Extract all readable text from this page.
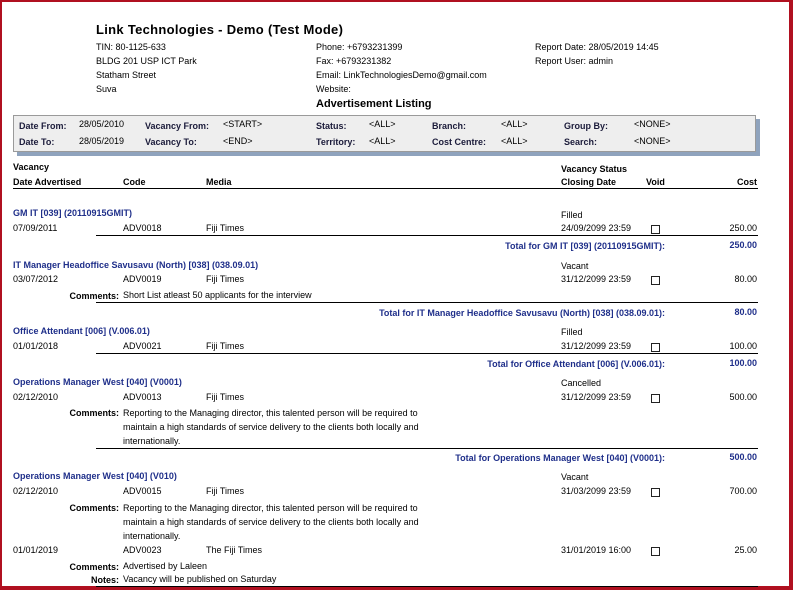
Link Technologies - Demo (Test Mode)
TIN: 80-1125-633
BLDG 201 USP ICT Park
Statham Street
Suva
Phone: +6793231399
Fax: +6793231382
Email: LinkTechnologiesDemo@gmail.com
Website:
Report Date: 28/05/2019 14:45
Report User: admin
Advertisement Listing
Date From: 28/05/2010
Date To:	28/05/2019
Vacancy From: <START>
Vacancy To:	<END>
Status: <ALL>
Territory: <ALL>
Branch:	<ALL>
Cost Centre: <ALL>
Group By:	<NONE>
Search:	<NONE>
Vacancy
Date Advertised	Code	Media
Vacancy Status
Closing Date	Void	Cost
GM IT [039] (20110915GMIT)	Filled
07/09/2011	ADV0018	Fiji Times	24/09/2099 23:59	250.00
Total for GM IT [039] (20110915GMIT):	250.00
IT Manager Headoffice Savusavu (North) [038] (038.09.01)	Vacant
03/07/2012	ADV0019	Fiji Times	31/12/2099 23:59	80.00
Comments: Short List atleast 50 applicants for the interview
Total for IT Manager Headoffice Savusavu (North) [038] (038.09.01):	80.00
Office Attendant [006] (V.006.01)	Filled
01/01/2018	ADV0021	Fiji Times	31/12/2099 23:59	100.00
Total for Office Attendant [006] (V.006.01):	100.00
Operations Manager West [040] (V0001)	Cancelled
02/12/2010	ADV0013	Fiji Times	31/12/2099 23:59	500.00
Comments: Reporting to the Managing director, this talented person will be required to
maintain a high standards of service delivery to the clients both locally and
internationally.
Total for Operations Manager West [040] (V0001):	500.00
Operations Manager West [040] (V010)	Vacant
02/12/2010	ADV0015	Fiji Times	31/03/2099 23:59	700.00
Comments: Reporting to the Managing director, this talented person will be required to
maintain a high standards of service delivery to the clients both locally and
internationally.
01/01/2019	ADV0023	The Fiji Times	31/01/2019 16:00	25.00
Comments: Advertised by Laleen
Notes: Vacancy will be published on Saturday
